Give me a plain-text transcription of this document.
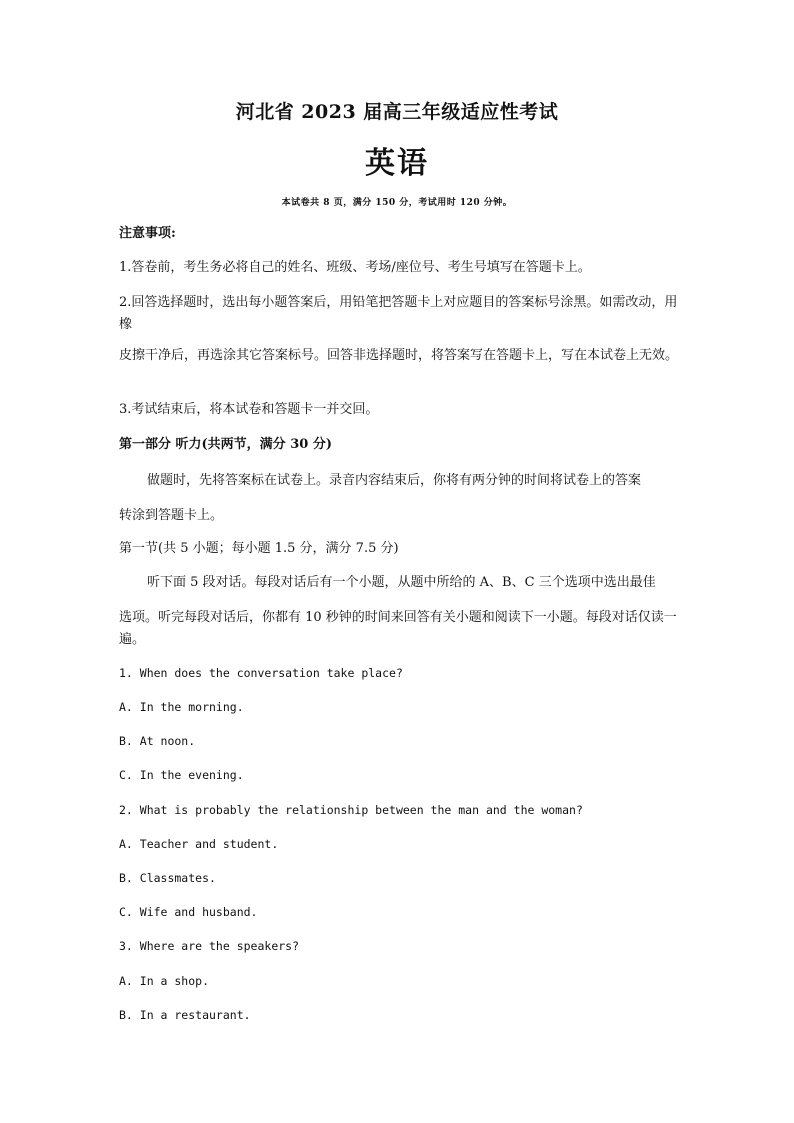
河北省 2023 届高三年级适应性考试
英语
本试卷共 8 页，满分 150 分，考试用时 120 分钟。
注意事项:
1.答卷前，考生务必将自己的姓名、班级、考场/座位号、考生号填写在答题卡上。
2.回答选择题时，选出每小题答案后，用铅笔把答题卡上对应题目的答案标号涂黑。如需改动，用橡
皮擦干净后，再选涂其它答案标号。回答非选择题时，将答案写在答题卡上，写在本试卷上无效。
3.考试结束后，将本试卷和答题卡一并交回。
第一部分 听力(共两节，满分 30 分)
做题时，先将答案标在试卷上。录音内容结束后，你将有两分钟的时间将试卷上的答案
转涂到答题卡上。
第一节(共 5 小题；每小题 1.5 分，满分 7.5 分)
听下面 5 段对话。每段对话后有一个小题，从题中所给的 A、B、C 三个选项中选出最佳
选项。听完每段对话后，你都有 10 秒钟的时间来回答有关小题和阅读下一小题。每段对话仅读一遍。
1. When does the conversation take place?
A. In the morning.
B. At noon.
C. In the evening.
2. What is probably the relationship between the man and the woman?
A. Teacher and student.
B. Classmates.
C. Wife and husband.
3. Where are the speakers?
A. In a shop.
B. In a restaurant.
